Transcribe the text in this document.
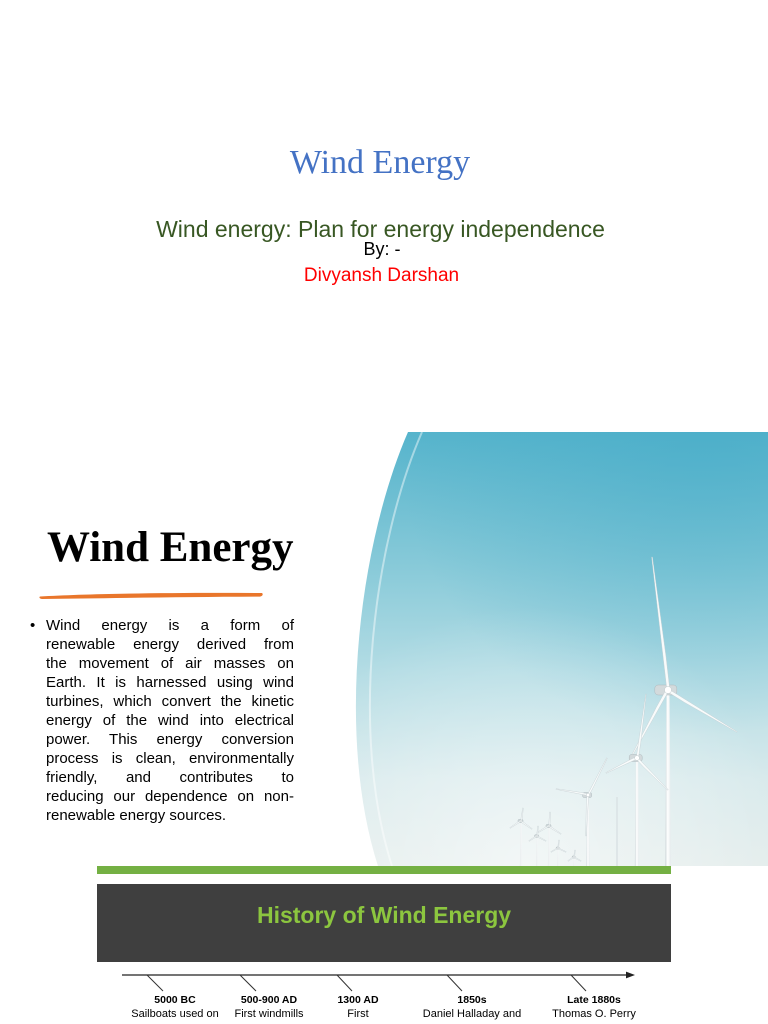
Wind Energy
Wind energy: Plan for energy independence
By: -
Divyansh Darshan
Wind Energy
•
Wind energy is a form of
renewable energy derived from
the movement of air masses on
Earth. It is harnessed using wind
turbines, which convert the kinetic
energy of the wind into electrical
power. This energy conversion
process is clean, environmentally
friendly, and contributes to
reducing our dependence on non-
renewable energy sources.
History of Wind Energy
5000 BC
Sailboats used on
500-900 AD
First windmills
1300 AD
First
1850s
Daniel Halladay and
Late 1880s
Thomas O. Perry
